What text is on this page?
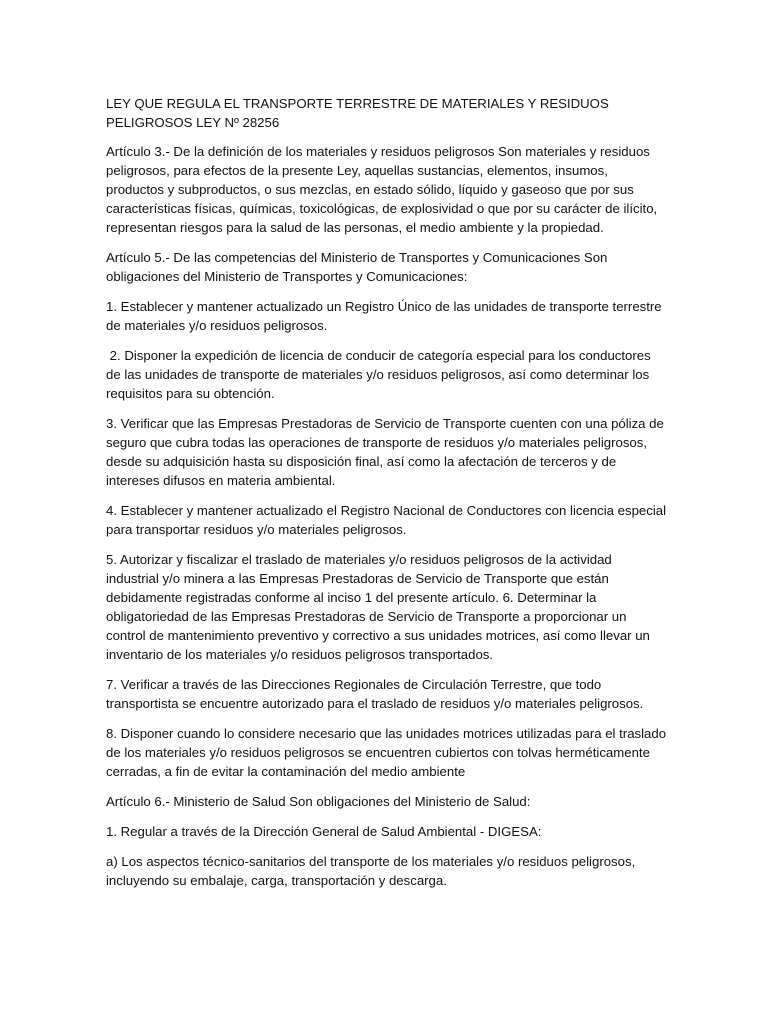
LEY QUE REGULA EL TRANSPORTE TERRESTRE DE MATERIALES Y RESIDUOS PELIGROSOS LEY Nº 28256

Artículo 3.- De la definición de los materiales y residuos peligrosos Son materiales y residuos peligrosos, para efectos de la presente Ley, aquellas sustancias, elementos, insumos, productos y subproductos, o sus mezclas, en estado sólido, líquido y gaseoso que por sus características físicas, químicas, toxicológicas, de explosividad o que por su carácter de ilícito, representan riesgos para la salud de las personas, el medio ambiente y la propiedad.

Artículo 5.- De las competencias del Ministerio de Transportes y Comunicaciones Son obligaciones del Ministerio de Transportes y Comunicaciones:

1. Establecer y mantener actualizado un Registro Único de las unidades de transporte terrestre de materiales y/o residuos peligrosos.

2. Disponer la expedición de licencia de conducir de categoría especial para los conductores de las unidades de transporte de materiales y/o residuos peligrosos, así como determinar los requisitos para su obtención.

3. Verificar que las Empresas Prestadoras de Servicio de Transporte cuenten con una póliza de seguro que cubra todas las operaciones de transporte de residuos y/o materiales peligrosos, desde su adquisición hasta su disposición final, así como la afectación de terceros y de intereses difusos en materia ambiental.

4. Establecer y mantener actualizado el Registro Nacional de Conductores con licencia especial para transportar residuos y/o materiales peligrosos.

5. Autorizar y fiscalizar el traslado de materiales y/o residuos peligrosos de la actividad industrial y/o minera a las Empresas Prestadoras de Servicio de Transporte que están debidamente registradas conforme al inciso 1 del presente artículo. 6. Determinar la obligatoriedad de las Empresas Prestadoras de Servicio de Transporte a proporcionar un control de mantenimiento preventivo y correctivo a sus unidades motrices, así como llevar un inventario de los materiales y/o residuos peligrosos transportados.

7. Verificar a través de las Direcciones Regionales de Circulación Terrestre, que todo transportista se encuentre autorizado para el traslado de residuos y/o materiales peligrosos.

8. Disponer cuando lo considere necesario que las unidades motrices utilizadas para el traslado de los materiales y/o residuos peligrosos se encuentren cubiertos con tolvas herméticamente cerradas, a fin de evitar la contaminación del medio ambiente

Artículo 6.- Ministerio de Salud Son obligaciones del Ministerio de Salud:

1. Regular a través de la Dirección General de Salud Ambiental - DIGESA:

a) Los aspectos técnico-sanitarios del transporte de los materiales y/o residuos peligrosos, incluyendo su embalaje, carga, transportación y descarga.
